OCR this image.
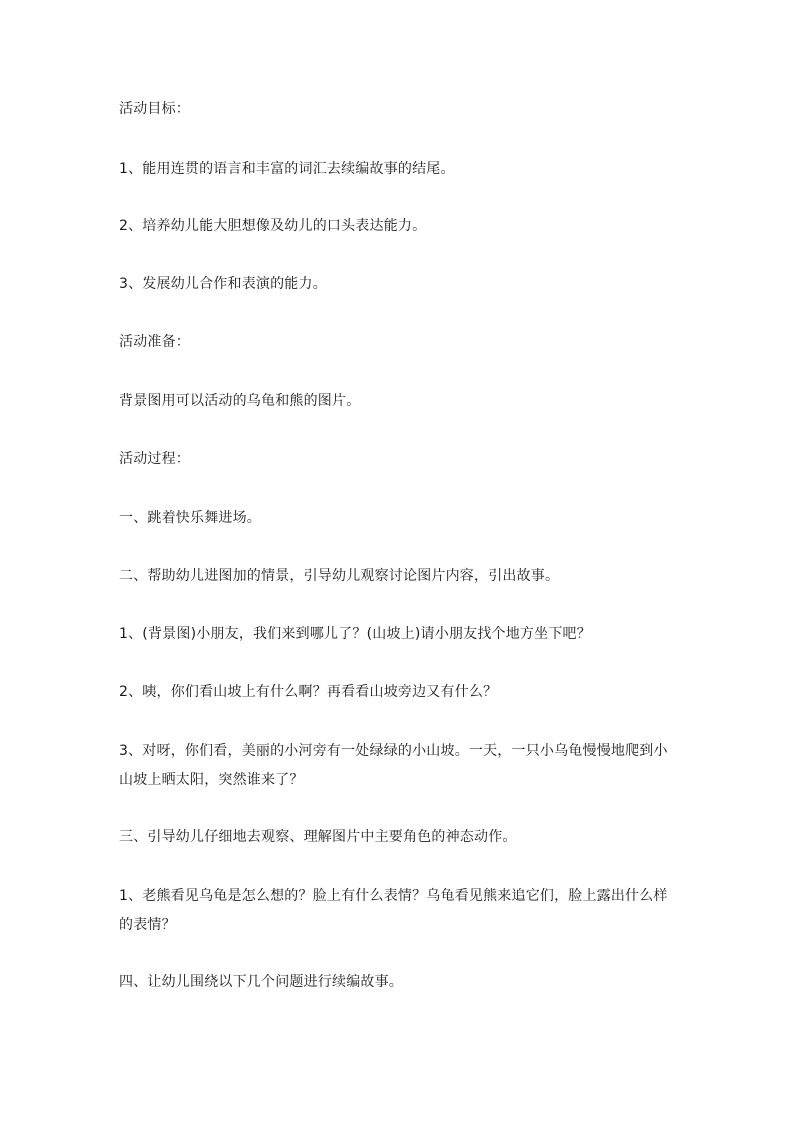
活动目标：

1、能用连贯的语言和丰富的词汇去续编故事的结尾。

2、培养幼儿能大胆想像及幼儿的口头表达能力。

3、发展幼儿合作和表演的能力。

活动准备：

背景图用可以活动的乌龟和熊的图片。

活动过程：

一、跳着快乐舞进场。

二、帮助幼儿进图加的情景，引导幼儿观察讨论图片内容，引出故事。

1、(背景图)小朋友，我们来到哪儿了？(山坡上)请小朋友找个地方坐下吧？

2、咦，你们看山坡上有什么啊？再看看山坡旁边又有什么？

3、对呀，你们看，美丽的小河旁有一处绿绿的小山坡。一天，一只小乌龟慢慢地爬到小山坡上晒太阳，突然谁来了？

三、引导幼儿仔细地去观察、理解图片中主要角色的神态动作。

1、老熊看见乌龟是怎么想的？脸上有什么表情？乌龟看见熊来追它们，脸上露出什么样的表情？

四、让幼儿围绕以下几个问题进行续编故事。
